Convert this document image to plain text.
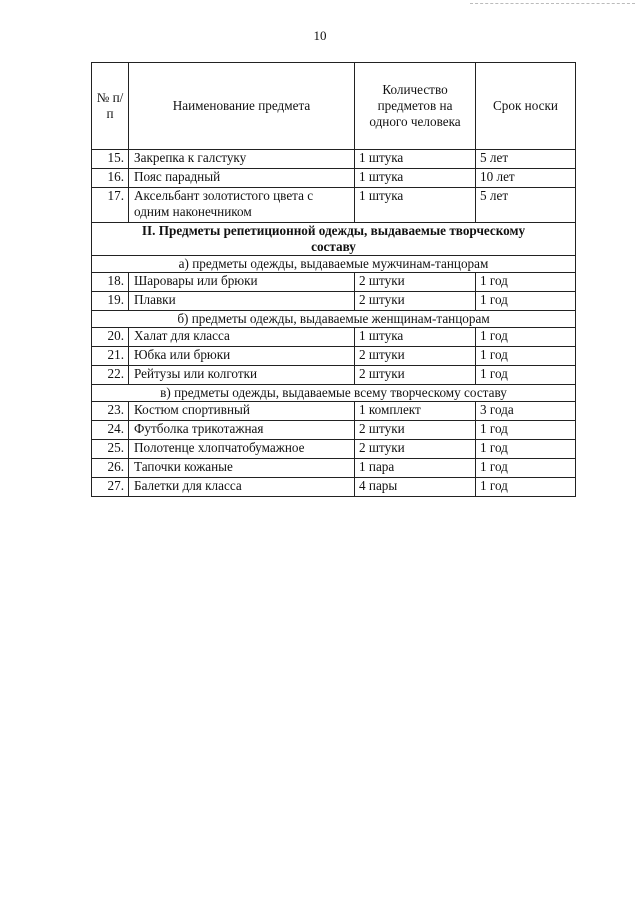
10
№ п/п	Наименование предмета	Количество предметов на одного человека	Срок носки
15.	Закрепка к галстуку	1 штука	5 лет
16.	Пояс парадный	1 штука	10 лет
17.	Аксельбант золотистого цвета с одним наконечником	1 штука	5 лет
II. Предметы репетиционной одежды, выдаваемые творческому составу			
а) предметы одежды, выдаваемые мужчинам-танцорам			
18.	Шаровары или брюки	2 штуки	1 год
19.	Плавки	2 штуки	1 год
б) предметы одежды, выдаваемые женщинам-танцорам			
20.	Халат для класса	1 штука	1 год
21.	Юбка или брюки	2 штуки	1 год
22.	Рейтузы или колготки	2 штуки	1 год
в) предметы одежды, выдаваемые всему творческому составу			
23.	Костюм спортивный	1 комплект	3 года
24.	Футболка трикотажная	2 штуки	1 год
25.	Полотенце хлопчатобумажное	2 штуки	1 год
26.	Тапочки кожаные	1 пара	1 год
27.	Балетки для класса	4 пары	1 год
